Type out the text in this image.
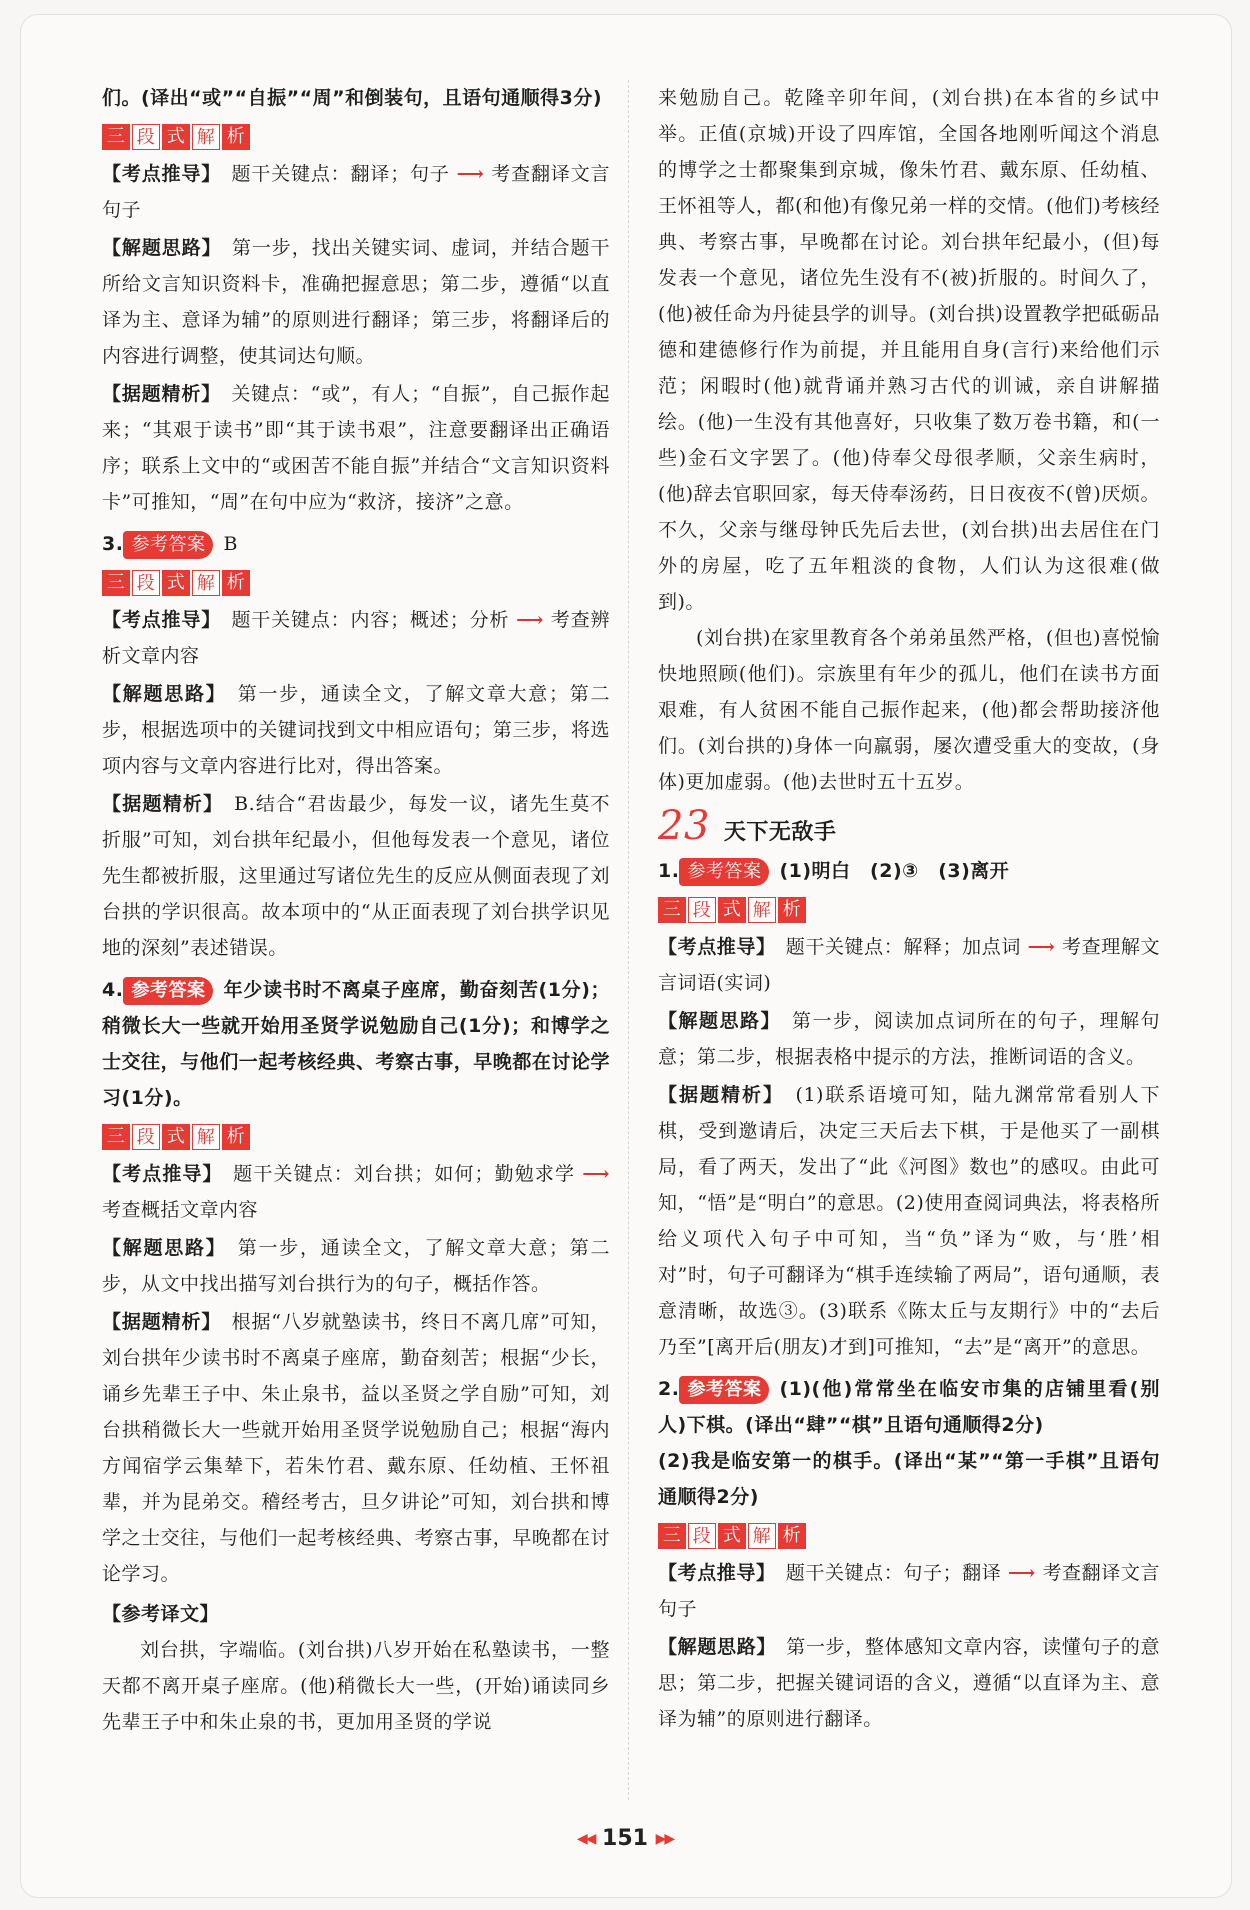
们。(译出“或”“自振”“周”和倒装句，且语句通顺得3分)

三 段 式 解 析

【考点推导】　 题干关键点：翻译；句子 ⟶ 考查翻译文言句子

【解题思路】　 第一步，找出关键实词、虚词，并结合题干所给文言知识资料卡，准确把握意思；第二步，遵循“以直译为主、意译为辅”的原则进行翻译；第三步，将翻译后的内容进行调整，使其词达句顺。

【据题精析】　 关键点：“或”，有人；“自振”，自己振作起来；“其艰于读书”即“其于读书艰”，注意要翻译出正确语序；联系上文中的“或困苦不能自振”并结合“文言知识资料卡”可推知，“周”在句中应为“救济，接济”之意。

3. 参考答案 B

三 段 式 解 析

【考点推导】　 题干关键点：内容；概述；分析 ⟶ 考查辨析文章内容

【解题思路】　 第一步，通读全文，了解文章大意；第二步，根据选项中的关键词找到文中相应语句；第三步，将选项内容与文章内容进行比对，得出答案。

【据题精析】　 B.结合“君齿最少，每发一议，诸先生莫不折服”可知，刘台拱年纪最小，但他每发表一个意见，诸位先生都被折服，这里通过写诸位先生的反应从侧面表现了刘台拱的学识很高。故本项中的“从正面表现了刘台拱学识见地的深刻”表述错误。

4. 参考答案 年少读书时不离桌子座席，勤奋刻苦(1分)；稍微长大一些就开始用圣贤学说勉励自己(1分)；和博学之士交往，与他们一起考核经典、考察古事，早晚都在讨论学习(1分)。

三 段 式 解 析

【考点推导】　 题干关键点：刘台拱；如何；勤勉求学 ⟶ 考查概括文章内容

【解题思路】　 第一步，通读全文，了解文章大意；第二步，从文中找出描写刘台拱行为的句子，概括作答。

【据题精析】　 根据“八岁就塾读书，终日不离几席”可知，刘台拱年少读书时不离桌子座席，勤奋刻苦；根据“少长，诵乡先辈王子中、朱止泉书，益以圣贤之学自励”可知，刘台拱稍微长大一些就开始用圣贤学说勉励自己；根据“海内方闻宿学云集辇下，若朱竹君、戴东原、任幼植、王怀祖辈，并为昆弟交。稽经考古，旦夕讲论”可知，刘台拱和博学之士交往，与他们一起考核经典、考察古事，早晚都在讨论学习。

【参考译文】

刘台拱，字端临。(刘台拱)八岁开始在私塾读书，一整天都不离开桌子座席。(他)稍微长大一些，(开始)诵读同乡先辈王子中和朱止泉的书，更加用圣贤的学说

来勉励自己。乾隆辛卯年间，(刘台拱)在本省的乡试中举。正值(京城)开设了四库馆，全国各地刚听闻这个消息的博学之士都聚集到京城，像朱竹君、戴东原、任幼植、王怀祖等人，都(和他)有像兄弟一样的交情。(他们)考核经典、考察古事，早晚都在讨论。刘台拱年纪最小，(但)每发表一个意见，诸位先生没有不(被)折服的。时间久了，(他)被任命为丹徒县学的训导。(刘台拱)设置教学把砥砺品德和建德修行作为前提，并且能用自身(言行)来给他们示范；闲暇时(他)就背诵并熟习古代的训诫，亲自讲解描绘。(他)一生没有其他喜好，只收集了数万卷书籍，和(一些)金石文字罢了。(他)侍奉父母很孝顺，父亲生病时，(他)辞去官职回家，每天侍奉汤药，日日夜夜不(曾)厌烦。不久，父亲与继母钟氏先后去世，(刘台拱)出去居住在门外的房屋，吃了五年粗淡的食物，人们认为这很难(做到)。

(刘台拱)在家里教育各个弟弟虽然严格，(但也)喜悦愉快地照顾(他们)。宗族里有年少的孤儿，他们在读书方面艰难，有人贫困不能自己振作起来，(他)都会帮助接济他们。(刘台拱的)身体一向羸弱，屡次遭受重大的变故，(身体)更加虚弱。(他)去世时五十五岁。

23 天下无敌手

1. 参考答案 (1)明白　(2)③　(3)离开

三 段 式 解 析

【考点推导】　 题干关键点：解释；加点词 ⟶ 考查理解文言词语(实词)

【解题思路】　 第一步，阅读加点词所在的句子，理解句意；第二步，根据表格中提示的方法，推断词语的含义。

【据题精析】　 (1)联系语境可知，陆九渊常常看别人下棋，受到邀请后，决定三天后去下棋，于是他买了一副棋局，看了两天，发出了“此《河图》数也”的感叹。由此可知，“悟”是“明白”的意思。(2)使用查阅词典法，将表格所给义项代入句子中可知，当“负”译为“败，与‘胜’相对”时，句子可翻译为“棋手连续输了两局”，语句通顺，表意清晰，故选③。(3)联系《陈太丘与友期行》中的“去后乃至”[离开后(朋友)才到]可推知，“去”是“离开”的意思。

2. 参考答案 (1)(他)常常坐在临安市集的店铺里看(别人)下棋。(译出“肆”“棋”且语句通顺得2分)

(2)我是临安第一的棋手。(译出“某”“第一手棋”且语句通顺得2分)

三 段 式 解 析

【考点推导】　 题干关键点：句子；翻译 ⟶ 考查翻译文言句子

【解题思路】　 第一步，整体感知文章内容，读懂句子的意思；第二步，把握关键词语的含义，遵循“以直译为主、意译为辅”的原则进行翻译。

◀◀ 151 ▶▶
